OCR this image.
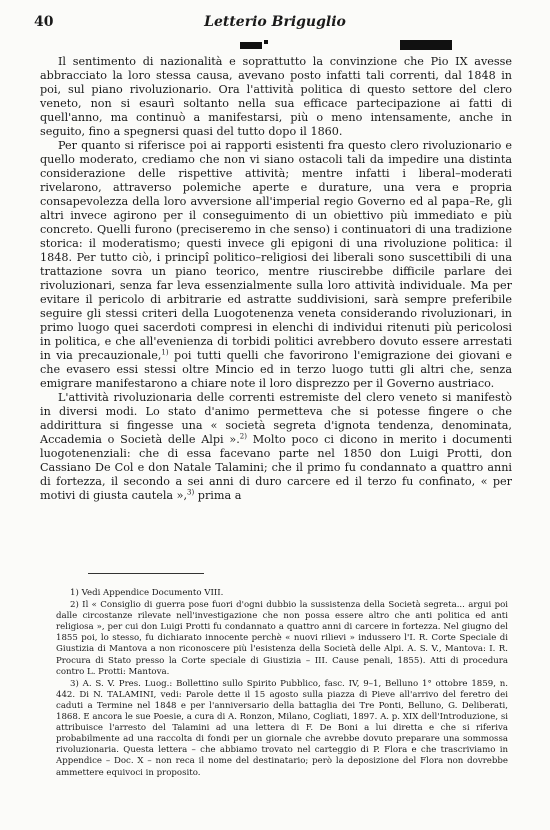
40	Letterio Briguglio

Il sentimento di nazionalità e soprattutto la convinzione che Pio IX avesse abbracciato la loro stessa causa, avevano posto infatti tali correnti, dal 1848 in poi, sul piano rivoluzionario. Ora l'attività politica di questo settore del clero veneto, non si esaurì soltanto nella sua efficace partecipazione ai fatti di quell'anno, ma continuò a manifestarsi, più o meno intensamente, anche in seguito, fino a spegnersi quasi del tutto dopo il 1860.

Per quanto si riferisce poi ai rapporti esistenti fra questo clero rivoluzionario e quello moderato, crediamo che non vi siano ostacoli tali da impedire una distinta considerazione delle rispettive attività; mentre infatti i liberal–moderati rivelarono, attraverso polemiche aperte e durature, una vera e propria consapevolezza della loro avversione all'imperial regio Governo ed al papa–Re, gli altri invece agirono per il conseguimento di un obiettivo più immediato e più concreto. Quelli furono (preciseremo in che senso) i continuatori di una tradizione storica: il moderatismo; questi invece gli epigoni di una rivoluzione politica: il 1848. Per tutto ciò, i principî politico–religiosi dei liberali sono suscettibili di una trattazione sovra un piano teorico, mentre riuscirebbe difficile parlare dei rivoluzionari, senza far leva essenzialmente sulla loro attività individuale. Ma per evitare il pericolo di arbitrarie ed astratte suddivisioni, sarà sempre preferibile seguire gli stessi criteri della Luogotenenza veneta considerando rivoluzionari, in primo luogo quei sacerdoti compresi in elenchi di individui ritenuti più pericolosi in politica, e che all'evenienza di torbidi politici avrebbero dovuto essere arrestati in via precauzionale,$^{1)}$ poi tutti quelli che favorirono l'emigrazione dei giovani e che evasero essi stessi oltre Mincio ed in terzo luogo tutti gli altri che, senza emigrare manifestarono a chiare note il loro disprezzo per il Governo austriaco.

L'attività rivoluzionaria delle correnti estremiste del clero veneto si manifestò in diversi modi. Lo stato d'animo permetteva che si potesse fingere o che addirittura si fingesse una « società segreta d'ignota tendenza, denominata, Accademia o Società delle Alpi ».$^{2)}$ Molto poco ci dicono in merito i documenti luogotenenziali: che di essa facevano parte nel 1850 don Luigi Protti, don Cassiano De Col e don Natale Talamini; che il primo fu condannato a quattro anni di fortezza, il secondo a sei anni di duro carcere ed il terzo fu confinato, « per motivi di giusta cautela »,$^{3)}$ prima a

1) Vedi Appendice Documento VIII.

2) Il « Consiglio di guerra pose fuori d'ogni dubbio la sussistenza della Società segreta... argui poi dalle circostanze rilevate nell'investigazione che non possa essere altro che anti politica ed anti religiosa », per cui don Luigi Protti fu condannato a quattro anni di carcere in fortezza. Nel giugno del 1855 poi, lo stesso, fu dichiarato innocente perchè « nuovi rilievi » indussero l'I. R. Corte Speciale di Giustizia di Mantova a non riconoscere più l'esistenza della Società delle Alpi. A. S. V., Mantova: I. R. Procura di Stato presso la Corte speciale di Giustizia – III. Cause penali, 1855). Atti di procedura contro L. Protti: Mantova.

3) A. S. V. Pres. Luog.: Bollettino sullo Spirito Pubblico, fasc. IV, 9–1, Belluno 1° ottobre 1859, n. 442. Di N. TALAMINI, vedi: Parole dette il 15 agosto sulla piazza di Pieve all'arrivo del feretro dei caduti a Termine nel 1848 e per l'anniversario della battaglia dei Tre Ponti, Belluno, G. Deliberati, 1868. E ancora le sue Poesie, a cura di A. Ronzon, Milano, Cogliati, 1897. A. p. XIX dell'Introduzione, si attribuisce l'arresto del Talamini ad una lettera di F. De Boni a lui diretta e che si riferiva probabilmente ad una raccolta di fondi per un giornale che avrebbe dovuto preparare una sommossa rivoluzionaria. Questa lettera – che abbiamo trovato nel carteggio di P. Flora e che trascriviamo in Appendice – Doc. X – non reca il nome del destinatario; però la deposizione del Flora non dovrebbe ammettere equivoci in proposito.
